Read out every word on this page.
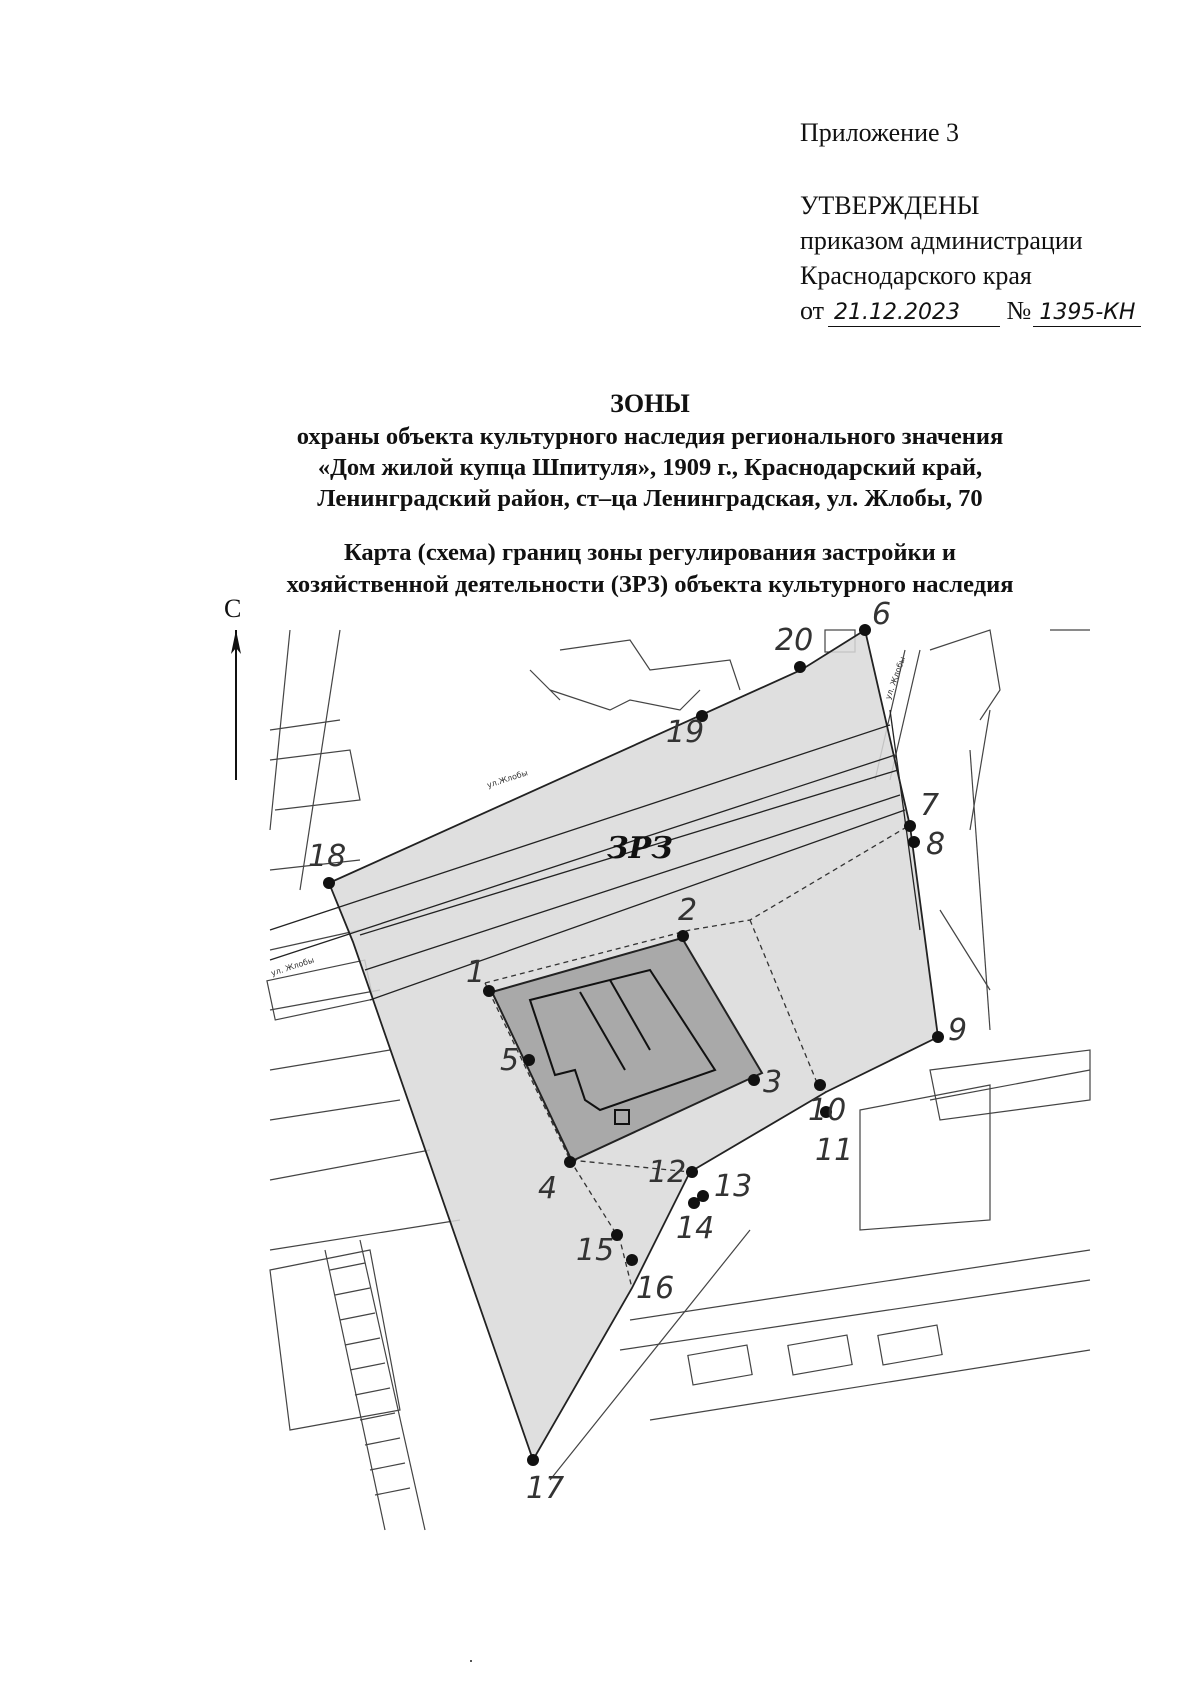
Приложение 3
УТВЕРЖДЕНЫ
приказом администрации
Краснодарского края
от 21.12.2023 № 1395-КН
ЗОНЫ
охраны объекта культурного наследия регионального значения
«Дом жилой купца Шпитуля», 1909 г., Краснодарский край,
Ленинградский район, ст–ца Ленинградская, ул. Жлобы, 70
Карта (схема) границ зоны регулирования застройки и
хозяйственной деятельности (ЗРЗ) объекта культурного наследия
1
2
3
4
5
6
7
8
9
10
11
12 13
14
15
16
17
18
19
20
ЗРЗ
ул. Жлобы
ул.Жлобы
ул. Жлобы
С
